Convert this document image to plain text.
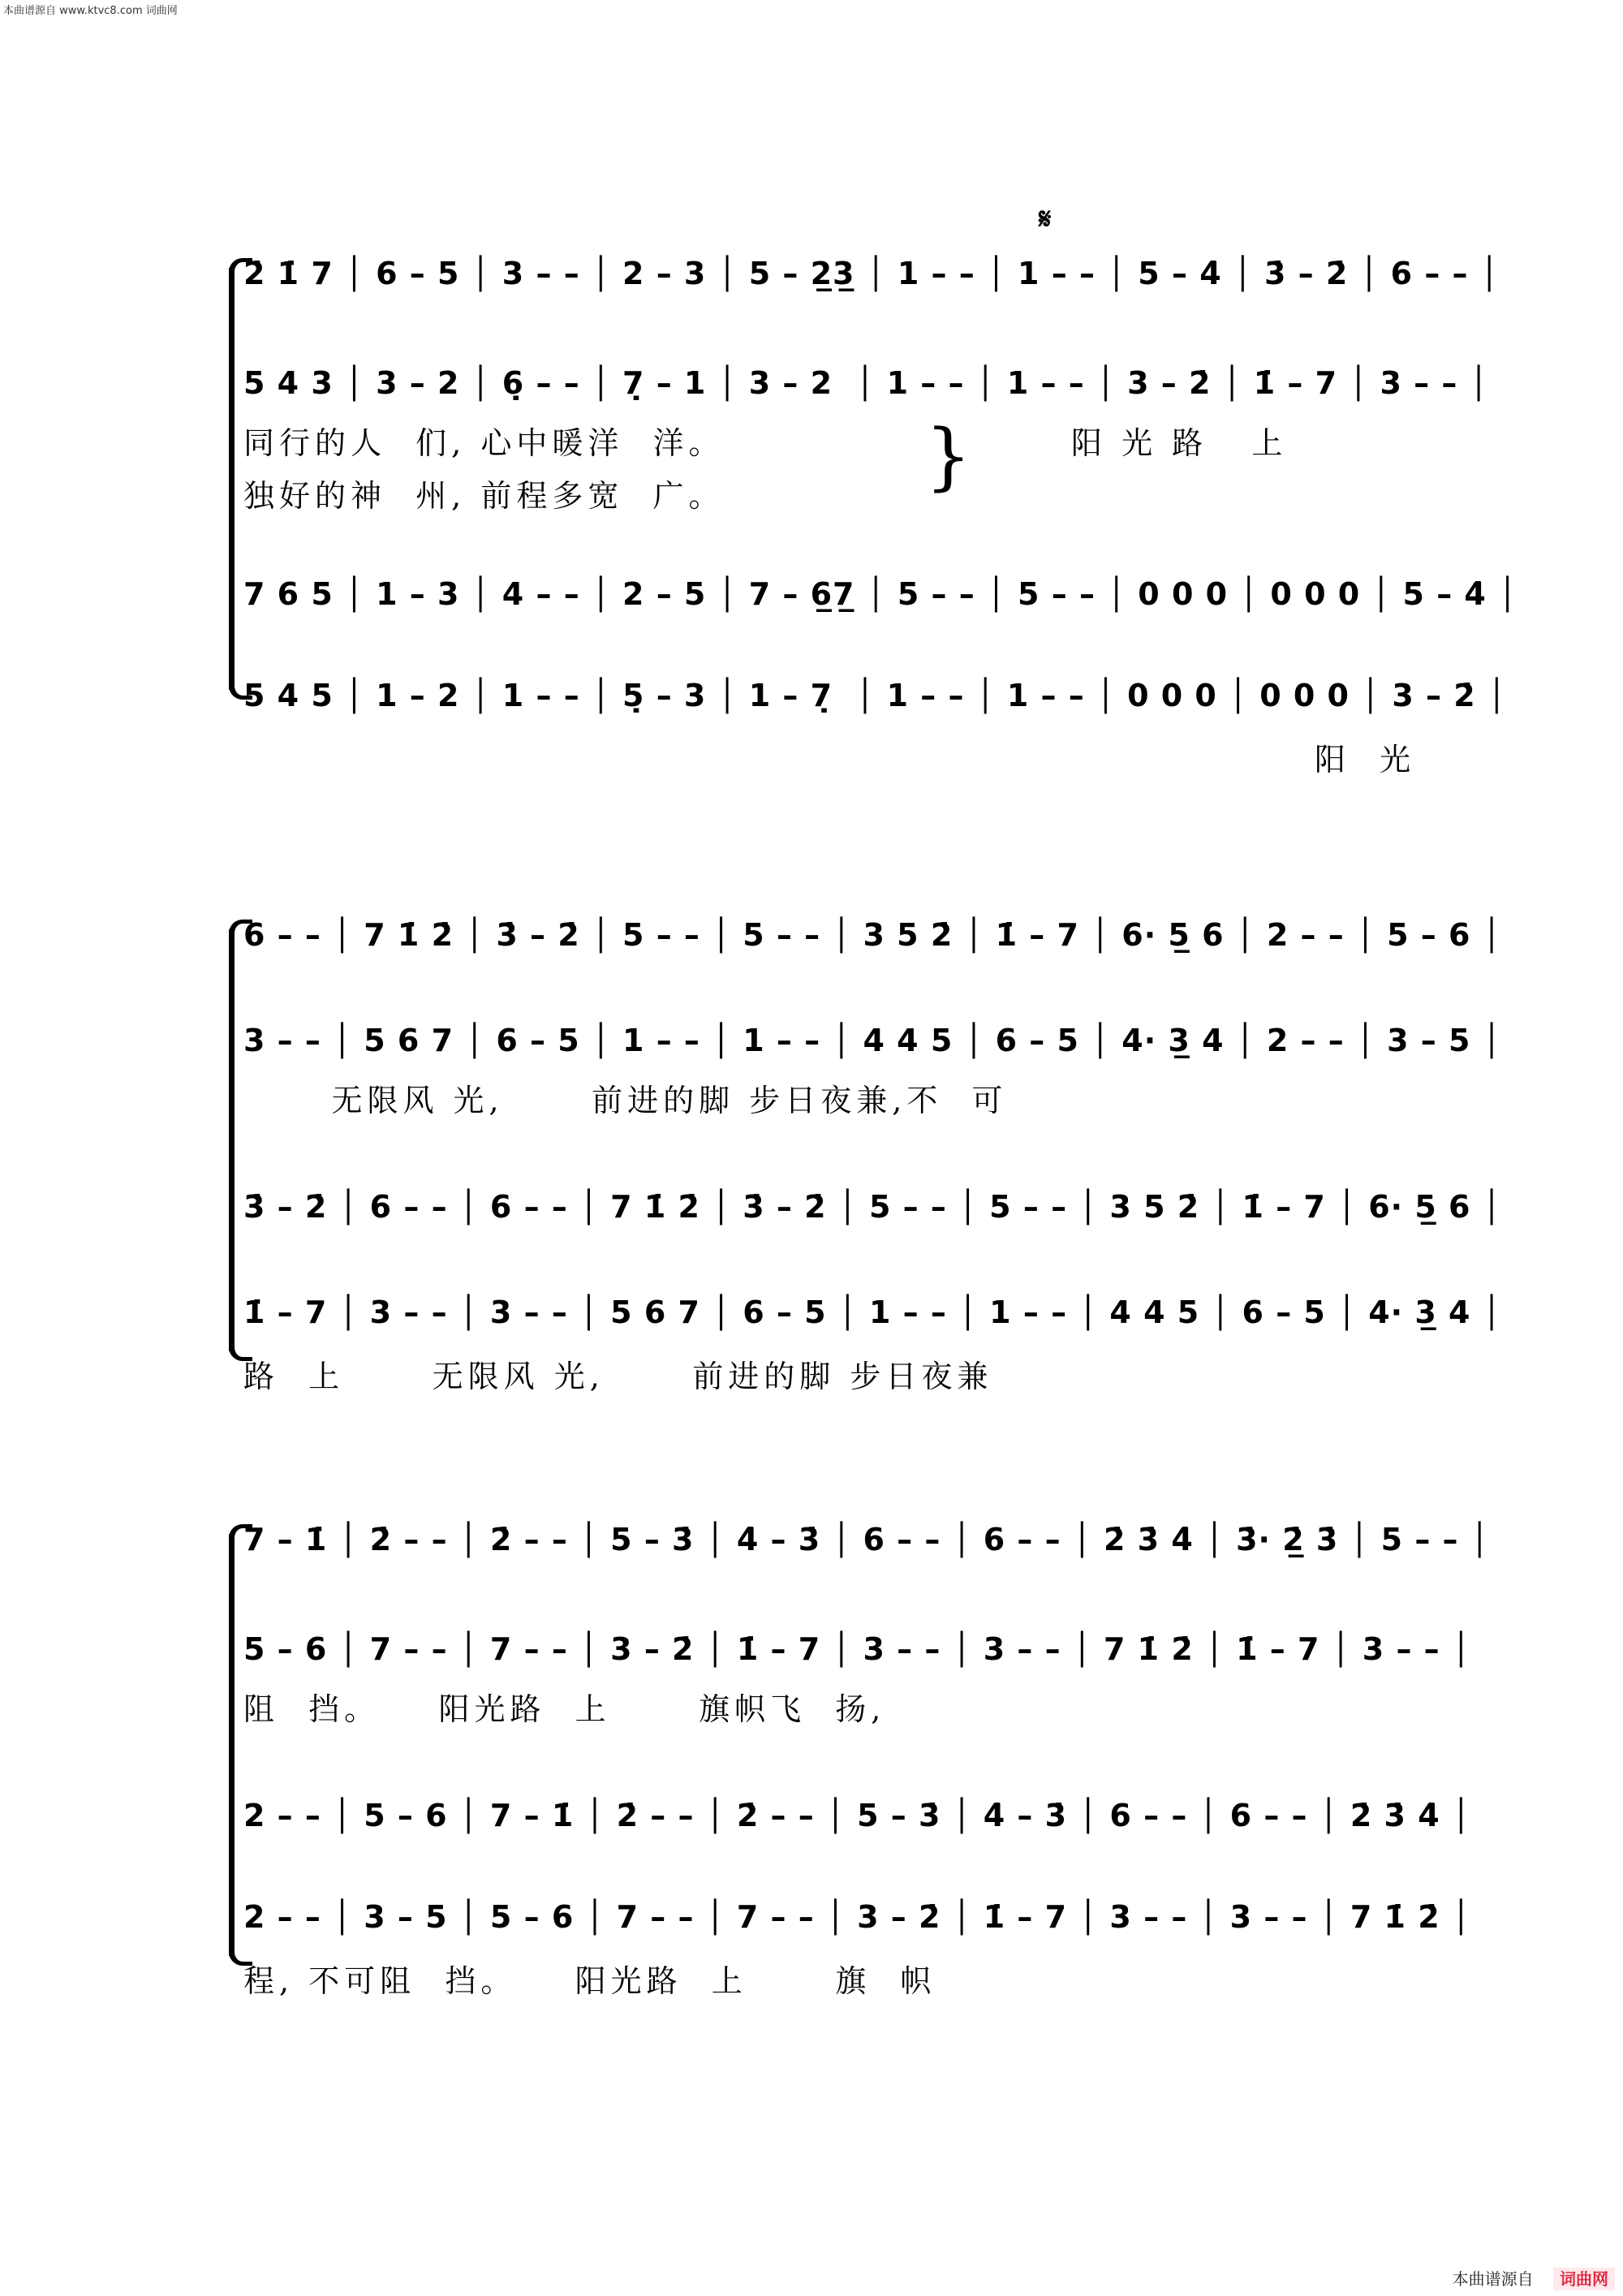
本曲谱源自 www.ktvc8.com 词曲网
𝄋
2̇ 1̇ 7 │ 6 – 5 │ 3 – – │ 2 – 3 │ 5 – 2̲3̲ │ 1 – – │ 1 – – │ 5 – 4̇ │ 3̇ – 2̇ │ 6 – – │
5 4 3 │ 3 – 2 │ 6̣ – – │ 7̣ – 1 │ 3 – 2  │ 1 – – │ 1 – – │ 3 – 2̇ │ 1̇ – 7 │ 3 – – │
同行的人  们, 心中暖洋  洋。
独好的神  州, 前程多宽  广。	}	阳 光 路   上
7 6 5 │ 1 – 3 │ 4 – – │ 2 – 5 │ 7 – 6̲7̲ │ 5 – – │ 5 – – │ 0 0 0 │ 0 0 0 │ 5 – 4̇ │
5 4 5 │ 1 – 2 │ 1 – – │ 5̣ – 3 │ 1 – 7̣  │ 1 – – │ 1 – – │ 0 0 0 │ 0 0 0 │ 3 – 2̇ │
阳  光
6 – – │ 7 1̇ 2̇ │ 3̇ – 2̇ │ 5 – – │ 5 – – │ 3 5 2̇ │ 1̇ – 7 │ 6· 5̲ 6 │ 2 – – │ 5 – 6 │
3 – – │ 5 6 7 │ 6 – 5 │ 1 – – │ 1 – – │ 4 4 5 │ 6 – 5 │ 4· 3̲ 4 │ 2 – – │ 3 – 5 │
无限风 光,      前进的脚 步日夜兼,不  可
3̇ – 2̇ │ 6 – – │ 6 – – │ 7 1̇ 2̇ │ 3̇ – 2̇ │ 5 – – │ 5 – – │ 3 5 2̇ │ 1̇ – 7 │ 6· 5̲ 6 │
1̇ – 7 │ 3 – – │ 3 – – │ 5 6 7 │ 6 – 5 │ 1 – – │ 1 – – │ 4 4 5 │ 6 – 5 │ 4· 3̲ 4 │
路  上      无限风 光,      前进的脚 步日夜兼
7 – 1̇ │ 2̇ – – │ 2̇ – – │ 5 – 3̇ │ 4̇ – 3̇ │ 6 – – │ 6 – – │ 2̇ 3̇ 4̇ │ 3̇· 2̲̇ 3̇ │ 5 – – │
5 – 6 │ 7 – – │ 7 – – │ 3 – 2̇ │ 1̇ – 7 │ 3 – – │ 3 – – │ 7 1̇ 2̇ │ 1̇ – 7 │ 3 – – │
阻  挡。    阳光路  上      旗帜飞  扬,
2 – – │ 5 – 6 │ 7 – 1̇ │ 2̇ – – │ 2̇ – – │ 5 – 3̇ │ 4̇ – 3̇ │ 6 – – │ 6 – – │ 2̇ 3̇ 4̇ │
2 – – │ 3 – 5 │ 5 – 6 │ 7 – – │ 7 – – │ 3 – 2̇ │ 1̇ – 7 │ 3 – – │ 3 – – │ 7 1̇ 2̇ │
程, 不可阻  挡。    阳光路  上      旗  帜
本曲谱源自 词曲网
